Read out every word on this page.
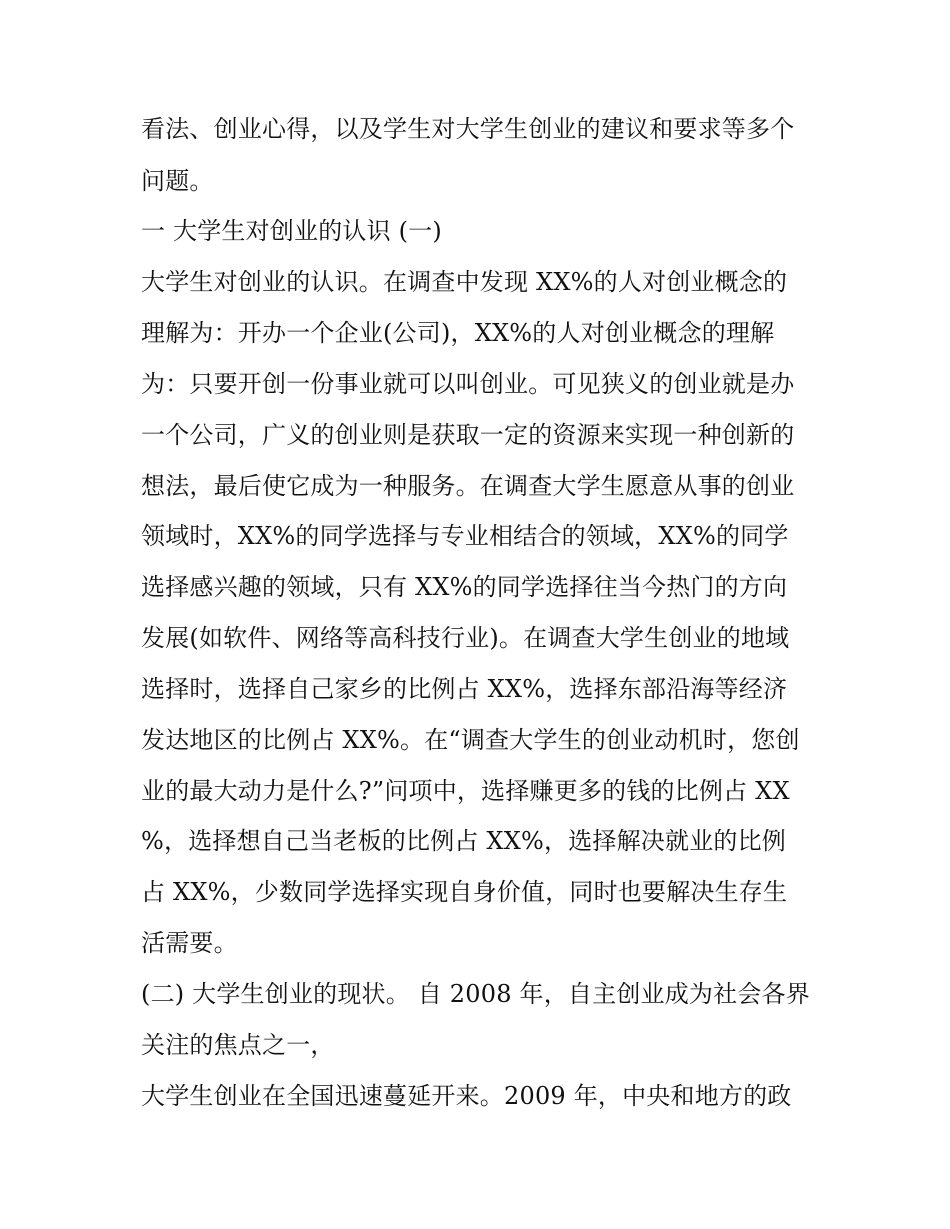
看法、创业心得，以及学生对大学生创业的建议和要求等多个
问题。
一 大学生对创业的认识 (一)
大学生对创业的认识。在调查中发现 XX%的人对创业概念的
理解为：开办一个企业(公司)，XX%的人对创业概念的理解
为：只要开创一份事业就可以叫创业。可见狭义的创业就是办
一个公司，广义的创业则是获取一定的资源来实现一种创新的
想法，最后使它成为一种服务。在调查大学生愿意从事的创业
领域时，XX%的同学选择与专业相结合的领域，XX%的同学
选择感兴趣的领域，只有 XX%的同学选择往当今热门的方向
发展(如软件、网络等高科技行业)。在调查大学生创业的地域
选择时，选择自己家乡的比例占 XX%，选择东部沿海等经济
发达地区的比例占 XX%。在“调查大学生的创业动机时，您创
业的最大动力是什么?”问项中，选择赚更多的钱的比例占 XX
%，选择想自己当老板的比例占 XX%，选择解决就业的比例
占 XX%，少数同学选择实现自身价值，同时也要解决生存生
活需要。
(二) 大学生创业的现状。 自 2008 年，自主创业成为社会各界
关注的焦点之一，
大学生创业在全国迅速蔓延开来。2009 年，中央和地方的政
